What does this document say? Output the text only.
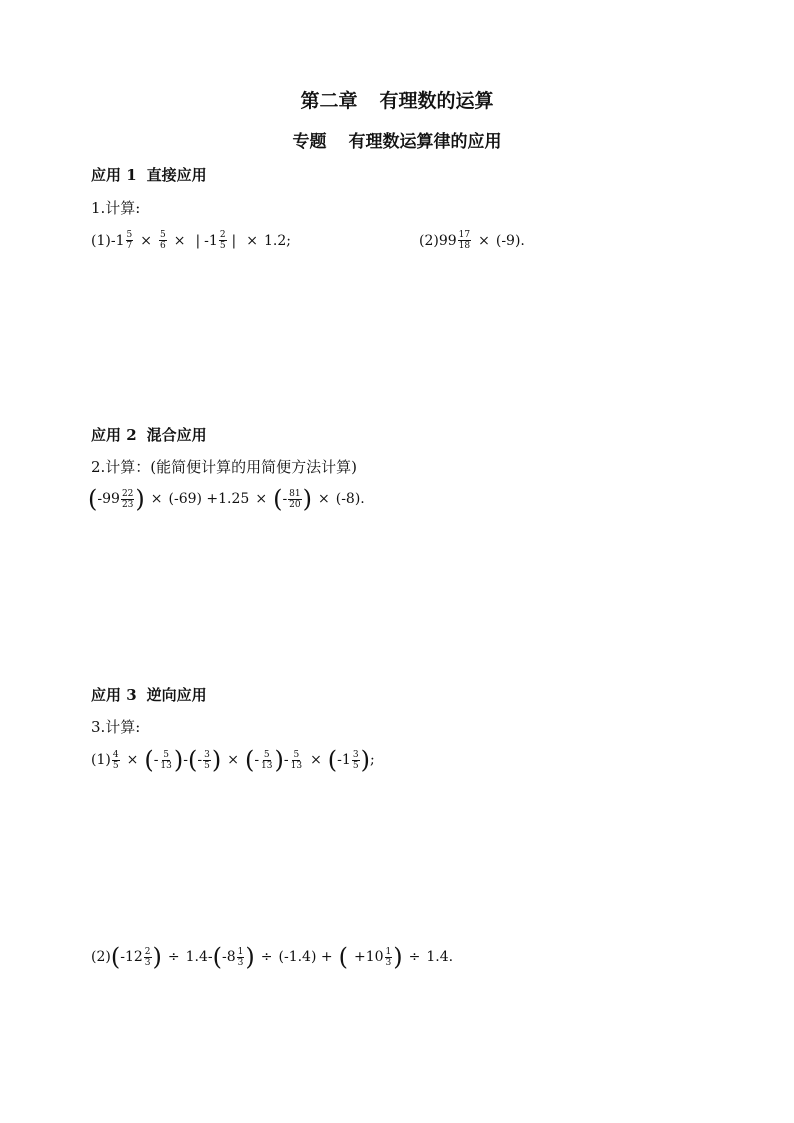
第二章 有理数的运算
专题 有理数运算律的应用
应用 1 直接应用
1.计算:
$(1) - 1 \frac{5}{7} \times \frac{5}{6}$ × | - $1 \frac{2}{5}$ | × 1.2;	(2) $99 \frac{17}{18} \times (-9)$.
应用 2 混合应用
2.计算：(能简便计算的用简便方法计算)
( - $99 \frac{22}{23}$ ) × (-69) +1.25 × ( - $\frac{81}{20}$ ) × (-8).
应用 3 逆向应用
3.计算:
$(1) \frac{4}{5}$ × ( - $\frac{5}{13}$ ) - ( - $\frac{3}{5}$ ) × ( - $\frac{5}{13}$ ) - $\frac{5}{13}$ × ( - $1 \frac{3}{5}$ ) ;
(2) ( - $12 \frac{2}{3}$ ) ÷ 1.4- ( - $8 \frac{1}{3}$ ) ÷ (-1.4) + ( + $10 \frac{1}{3}$ ) ÷ 1.4.
